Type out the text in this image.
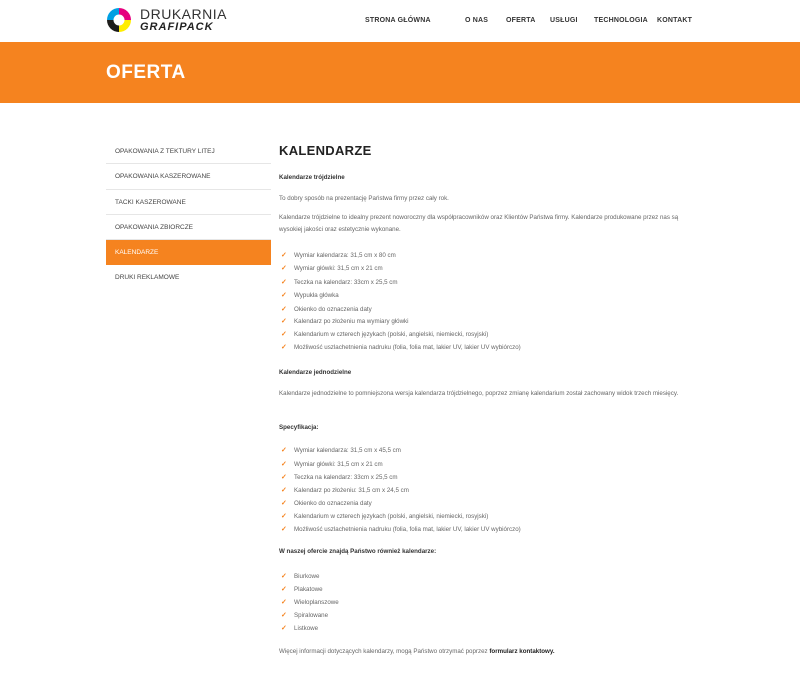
DRUKARNIA
GRAFIPACK
STRONA GŁÓWNA	O NAS	OFERTA USŁUGI TECHNOLOGIA KONTAKT
OFERTA
OPAKOWANIA Z TEKTURY LITEJ
OPAKOWANIA KASZEROWANE
TACKI KASZEROWANE
OPAKOWANIA ZBIORCZE
KALENDARZE
DRUKI REKLAMOWE
KALENDARZE
Kalendarze trójdzielne
To dobry sposób na prezentację Państwa firmy przez cały rok.
Kalendarze trójdzielne to idealny prezent noworoczny dla współpracowników oraz Klientów Państwa firmy. Kalendarze produkowane przez nas są wysokiej jakości oraz estetycznie wykonane.
✓ Wymiar kalendarza: 31,5 cm x 80 cm
✓ Wymiar główki: 31,5 cm x 21 cm
✓ Teczka na kalendarz: 33cm x 25,5 cm
✓ Wypukła główka
✓ Okienko do oznaczenia daty
✓ Kalendarz po złożeniu ma wymiary główki
✓ Kalendarium w czterech językach (polski, angielski, niemiecki, rosyjski)
✓ Możliwość uszlachetnienia nadruku (folia, folia mat, lakier UV, lakier UV wybiórczo)
Kalendarze jednodzielne
Kalendarze jednodzielne to pomniejszona wersja kalendarza trójdzielnego, poprzez zmianę kalendarium został zachowany widok trzech miesięcy.
Specyfikacja:
✓ Wymiar kalendarza: 31,5 cm x 45,5 cm
✓ Wymiar główki: 31,5 cm x 21 cm
✓ Teczka na kalendarz: 33cm x 25,5 cm
✓ Kalendarz po złożeniu: 31,5 cm x 24,5 cm
✓ Okienko do oznaczenia daty
✓ Kalendarium w czterech językach (polski, angielski, niemiecki, rosyjski)
✓ Możliwość uszlachetnienia nadruku (folia, folia mat, lakier UV, lakier UV wybiórczo)
W naszej ofercie znajdą Państwo również kalendarze:
✓ Biurkowe
✓ Plakatowe
✓ Wieloplanszowe
✓ Spiralowane
✓ Listkowe
Więcej informacji dotyczących kalendarzy, mogą Państwo otrzymać poprzez formularz kontaktowy.
